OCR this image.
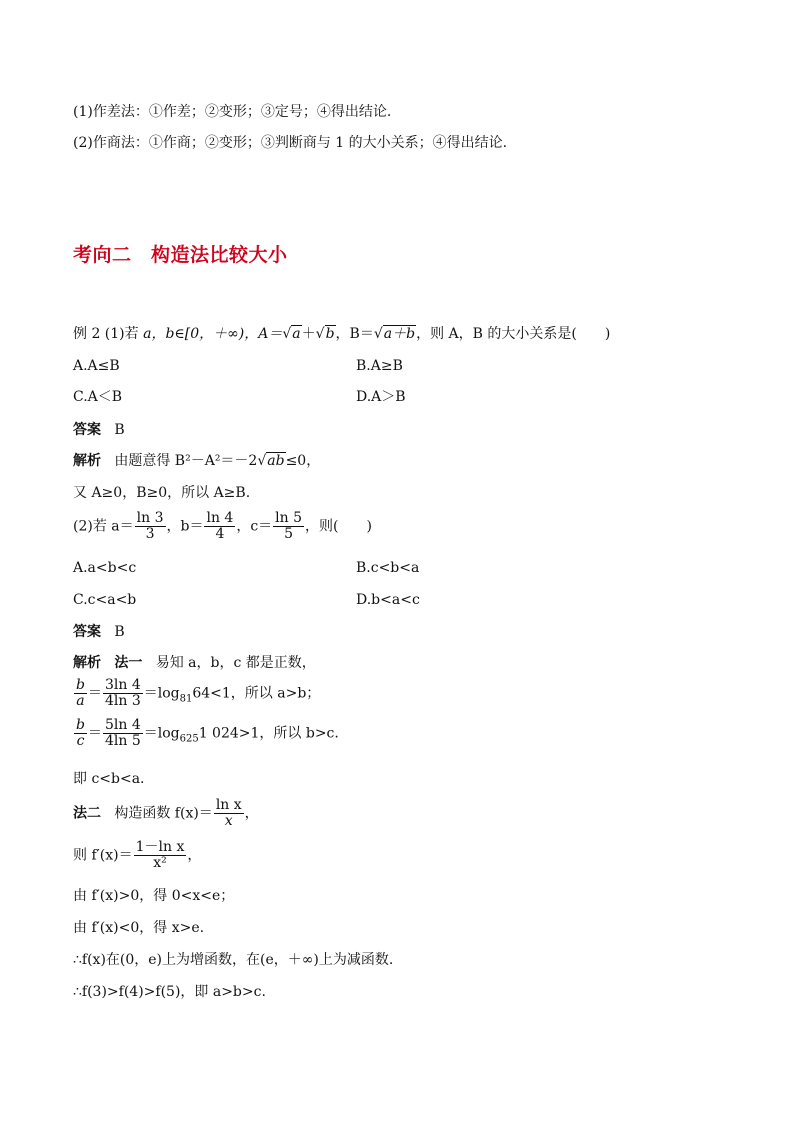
(1)作差法：①作差；②变形；③定号；④得出结论.
(2)作商法：①作商；②变形；③判断商与 1 的大小关系；④得出结论.
考向二　构造法比较大小
例 2 (1)若 a，b∈[0，＋∞)，A＝√a＋√b，B＝√a＋b，则 A，B 的大小关系是(　　)
A.A≤B	B.A≥B
C.A＜B	D.A＞B
答案 B
解析 由题意得 B²－A²＝－2√ab≤0，
又 A≥0，B≥0，所以 A≥B.
(2)若 $a= \frac{\ln 3}{3}$ ，$b= \frac{\ln 4}{4}$ ，$c= \frac{\ln 5}{5}$ ，则(　　)
A.a<b<c	B.c<b<a
C.c<a<b	D.b<a<c
答案 B
解析 法一 易知 a，b，c 都是正数，
$\frac{b}{a} = \frac{3\ln 4}{4\ln 3} =\log_{81}64<1$，所以 a>b；
$\frac{b}{c} = \frac{5\ln 4}{4\ln 5} =\log_{625}1$ 024>1，所以 b>c.
即 c<b<a.
法二 构造函数 $f(x)= \frac{\text{ln x}}{x}$ ，
则 $f'(x)= \frac{\text{1－ln x}}{\text{x²}}$ ，
由 f′(x)>0，得 0<x<e；
由 f′(x)<0，得 x>e.
∴f(x)在(0，e)上为增函数，在(e，＋∞)上为减函数.
∴f(3)>f(4)>f(5)，即 a>b>c.
